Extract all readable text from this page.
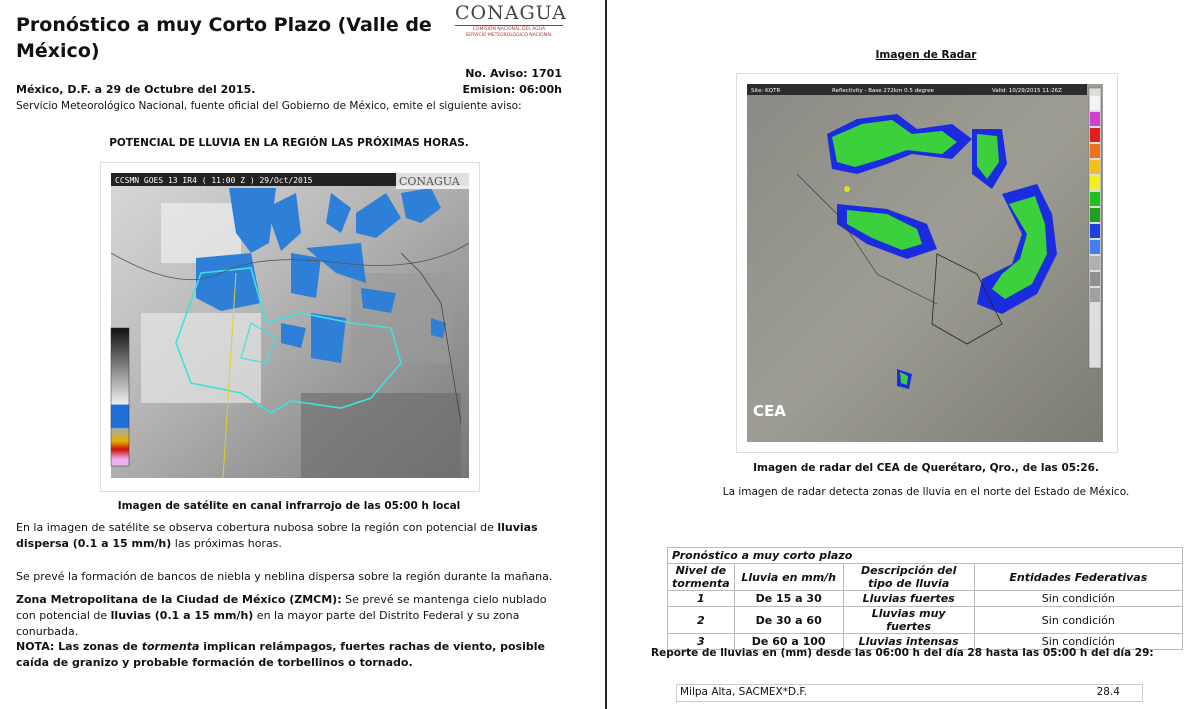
Pronóstico a muy Corto Plazo (Valle de México)
CONAGUA
COMISIÓN NACIONAL DEL AGUA
SERVICIO METEOROLÓGICO NACIONAL
No. Aviso: 1701
México, D.F. a 29 de Octubre del 2015.	Emision: 06:00h
Servicio Meteorológico Nacional, fuente oficial del Gobierno de México, emite el siguiente aviso:
POTENCIAL DE LLUVIA EN LA REGIÓN LAS PRÓXIMAS HORAS.
CCSMN GOES 13 IR4 ( 11:00 Z ) 29/Oct/2015	CONAGUA
Imagen de satélite en canal infrarrojo de las 05:00 h local
En la imagen de satélite se observa cobertura nubosa sobre la región con potencial de lluvias dispersa (0.1 a 15 mm/h) las próximas horas.
Se prevé la formación de bancos de niebla y neblina dispersa sobre la región durante la mañana.
Zona Metropolitana de la Ciudad de México (ZMCM): Se prevé se mantenga cielo nublado con potencial de lluvias (0.1 a 15 mm/h) en la mayor parte del Distrito Federal y su zona conurbada.
NOTA: Las zonas de tormenta implican relámpagos, fuertes rachas de viento, posible caída de granizo y probable formación de torbellinos o tornado.
Imagen de Radar
Site: KQTR	Reflectivity - Base 272km 0.5 degree	Valid: 10/29/2015 11:26Z
CEA
Imagen de radar del CEA de Querétaro, Qro., de las 05:26.
La imagen de radar detecta zonas de lluvia en el norte del Estado de México.
Pronóstico a muy corto plazo			
Nivel de tormenta	Lluvia en mm/h	Descripción del tipo de lluvia	Entidades Federativas
1	De 15 a 30	Lluvias fuertes	Sin condición
2	De 30 a 60	Lluvias muy fuertes	Sin condición
3	De 60 a 100	Lluvias intensas	Sin condición
Reporte de lluvias en (mm) desde las 06:00 h del día 28 hasta las 05:00 h del día 29:
Milpa Alta, SACMEX*D.F.	28.4
